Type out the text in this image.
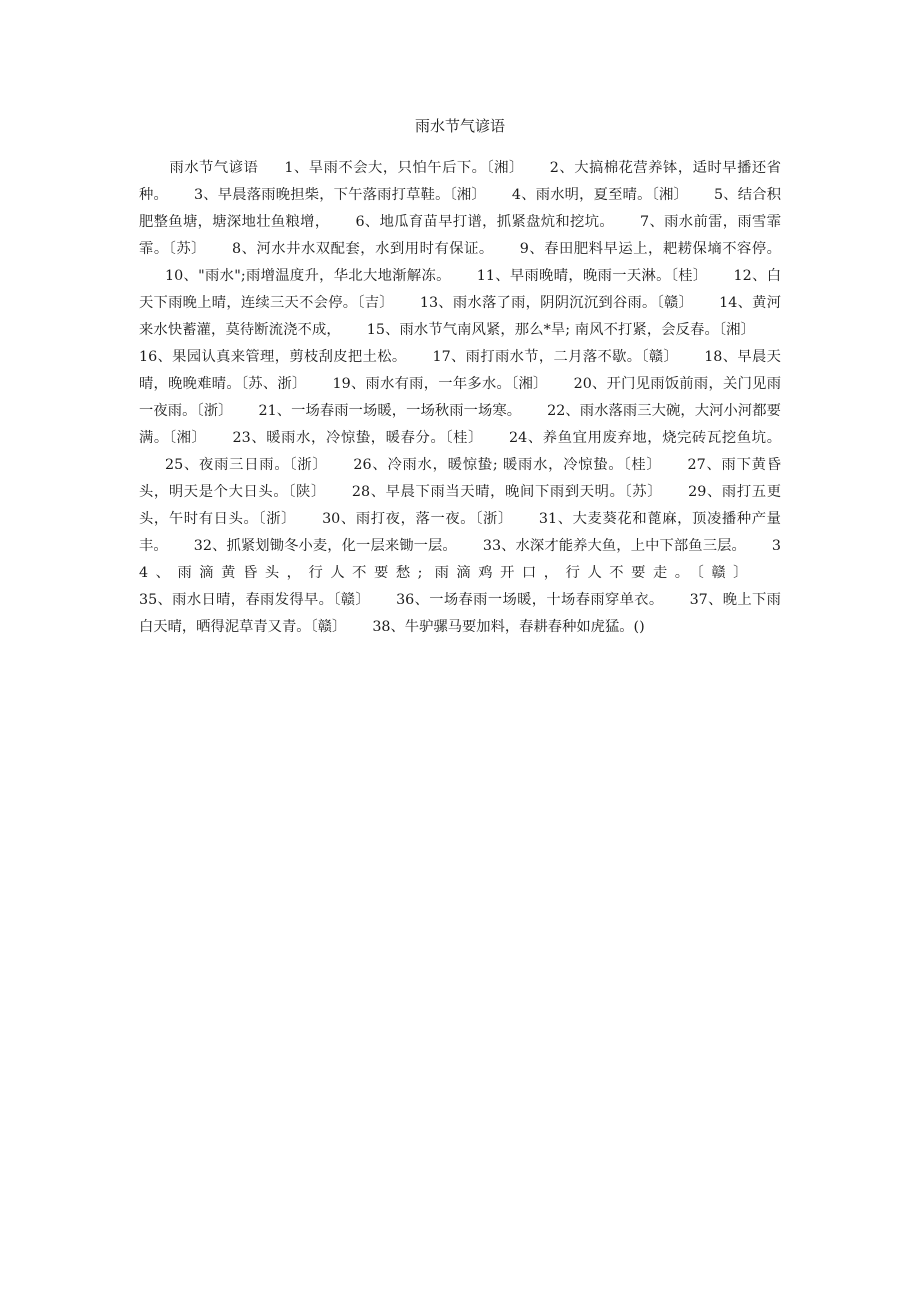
雨水节气谚语

雨水节气谚语 1、旱雨不会大，只怕午后下。〔湘〕 2、大搞棉花营养钵，适时早播还省种。 3、早晨落雨晚担柴，下午落雨打草鞋。〔湘〕 4、雨水明，夏至晴。〔湘〕 5、结合积肥整鱼塘，塘深地壮鱼粮增， 6、地瓜育苗早打谱，抓紧盘炕和挖坑。 7、雨水前雷，雨雪霏霏。〔苏〕 8、河水井水双配套，水到用时有保证。 9、春田肥料早运上，耙耢保墒不容停。10、"雨水";雨增温度升，华北大地渐解冻。 11、早雨晚晴，晚雨一天淋。〔桂〕 12、白天下雨晚上晴，连续三天不会停。〔吉〕 13、雨水落了雨，阴阴沉沉到谷雨。〔赣〕 14、黄河来水快蓄灌，莫待断流浇不成， 15、雨水节气南风紧，那么*旱; 南风不打紧，会反春。〔湘〕16、果园认真来管理，剪枝刮皮把土松。 17、雨打雨水节，二月落不歇。〔赣〕 18、早晨天晴，晚晚难晴。〔苏、浙〕 19、雨水有雨，一年多水。〔湘〕 20、开门见雨饭前雨，关门见雨一夜雨。〔浙〕 21、一场春雨一场暖，一场秋雨一场寒。 22、雨水落雨三大碗，大河小河都要满。〔湘〕 23、暖雨水，冷惊蛰，暖春分。〔桂〕 24、养鱼宜用废弃地，烧完砖瓦挖鱼坑。25、夜雨三日雨。〔浙〕 26、冷雨水，暖惊蛰; 暖雨水，冷惊蛰。〔桂〕 27、雨下黄昏头，明天是个大日头。〔陕〕 28、早晨下雨当天晴，晚间下雨到天明。〔苏〕 29、雨打五更头，午时有日头。〔浙〕 30、雨打夜，落一夜。〔浙〕 31、大麦葵花和蓖麻，顶凌播种产量丰。 32、抓紧划锄冬小麦，化一层来锄一层。 33、水深才能养大鱼，上中下部鱼三层。 34、雨滴黄昏头，行人不要愁; 雨滴鸡开口，行人不要走。〔赣〕35、雨水日晴，春雨发得早。〔赣〕 36、一场春雨一场暖，十场春雨穿单衣。 37、晚上下雨白天晴，晒得泥草青又青。〔赣〕 38、牛驴骡马要加料，春耕春种如虎猛。()
